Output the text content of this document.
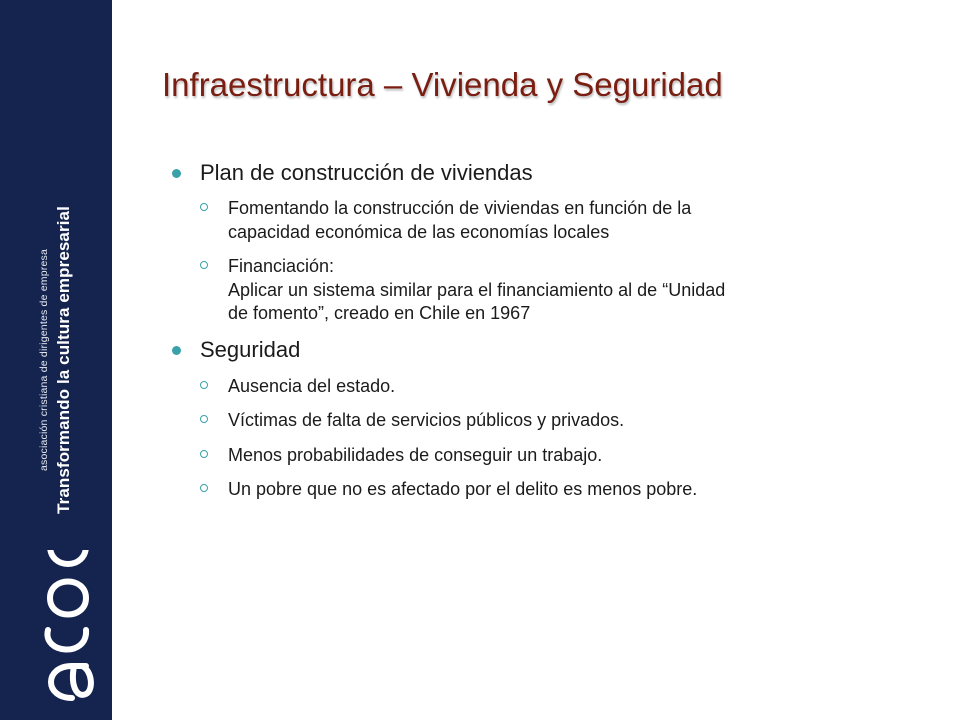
asociación cristiana de dirigentes de empresa Transformando la cultura empresarial
Infraestructura – Vivienda y Seguridad
Plan de construcción de viviendas
Fomentando la construcción de viviendas en función de la
capacidad económica de las economías locales
Financiación:
Aplicar un sistema similar para el financiamiento al de “Unidad
de fomento”, creado en Chile en 1967
Seguridad
Ausencia del estado.
Víctimas de falta de servicios públicos y privados.
Menos probabilidades de conseguir un trabajo.
Un pobre que no es afectado por el delito es menos pobre.
